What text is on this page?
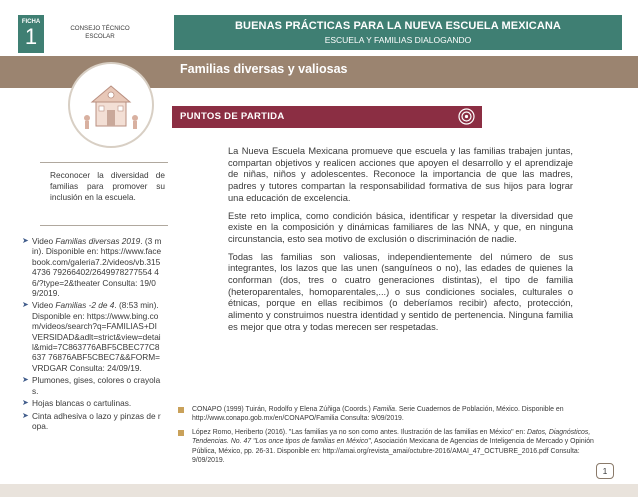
FICHA
1	CONSEJO TÉCNICO ESCOLAR
BUENAS PRÁCTICAS PARA LA NUEVA ESCUELA MEXICANA
ESCUELA Y FAMILIAS DIALOGANDO
Familias diversas y valiosas
PUNTOS DE PARTIDA
Reconocer la diversidad de familias para promover su inclusión en la escuela.
➤ Video Familias diversas 2019. (3 min). Disponible en: https://www.facebook.com/galeria7.2/videos/vb.3154736 79266402/2649978277554 46/?type=2&theater Consulta: 19/09/2019.
➤ Video Familias -2 de 4. (8:53 min). Disponible en: https://www.bing.com/videos/search?q=FAMILIAS+DIVERSIDAD&adlt=strict&view=detail&mid=7C863776ABF5CBEC77C8637 76876ABF5CBEC7&&FORM=VRDGAR Consulta: 24/09/19.
➤ Plumones, gises, colores o crayolas.
➤ Hojas blancas o cartulinas.
➤ Cinta adhesiva o lazo y pinzas de ropa.

La Nueva Escuela Mexicana promueve que escuela y las familias trabajen juntas, compartan objetivos y realicen acciones que apoyen el desarrollo y el aprendizaje de niñas, niños y adolescentes. Reconoce la importancia de que las madres, padres y tutores compartan la responsabilidad formativa de sus hijos para lograr una educación de excelencia.

Este reto implica, como condición básica, identificar y respetar la diversidad que existe en la composición y dinámicas familiares de las NNA, y que, en ninguna circunstancia, esto sea motivo de exclusión o discriminación de nadie.

Todas las familias son valiosas, independientemente del número de sus integrantes, los lazos que las unen (sanguíneos o no), las edades de quienes la conforman (dos, tres o cuatro generaciones distintas), el tipo de familia (heteroparentales, homoparentales,...) o sus condiciones sociales, culturales o étnicas, porque en ellas recibimos (o deberíamos recibir) afecto, protección, alimento y construimos nuestra identidad y sentido de pertenencia. Ninguna familia es mejor que otra y todas merecen ser respetadas.

CONAPO (1999) Tuirán, Rodolfo y Elena Zúñiga (Coords.) Familia. Serie Cuadernos de Población, México. Disponible en http://www.conapo.gob.mx/en/CONAPO/Familia Consulta: 9/09/2019.
López Romo, Heriberto (2016). "Las familias ya no son como antes. Ilustración de las familias en México" en: Datos, Diagnósticos, Tendencias. No. 47 "Los once tipos de familias en México", Asociación Mexicana de Agencias de Inteligencia de Mercado y Opinión Pública, México, pp. 26-31. Disponible en: http://amai.org/revista_amai/octubre-2016/AMAI_47_OCTUBRE_2016.pdf Consulta: 9/09/2019.
1
